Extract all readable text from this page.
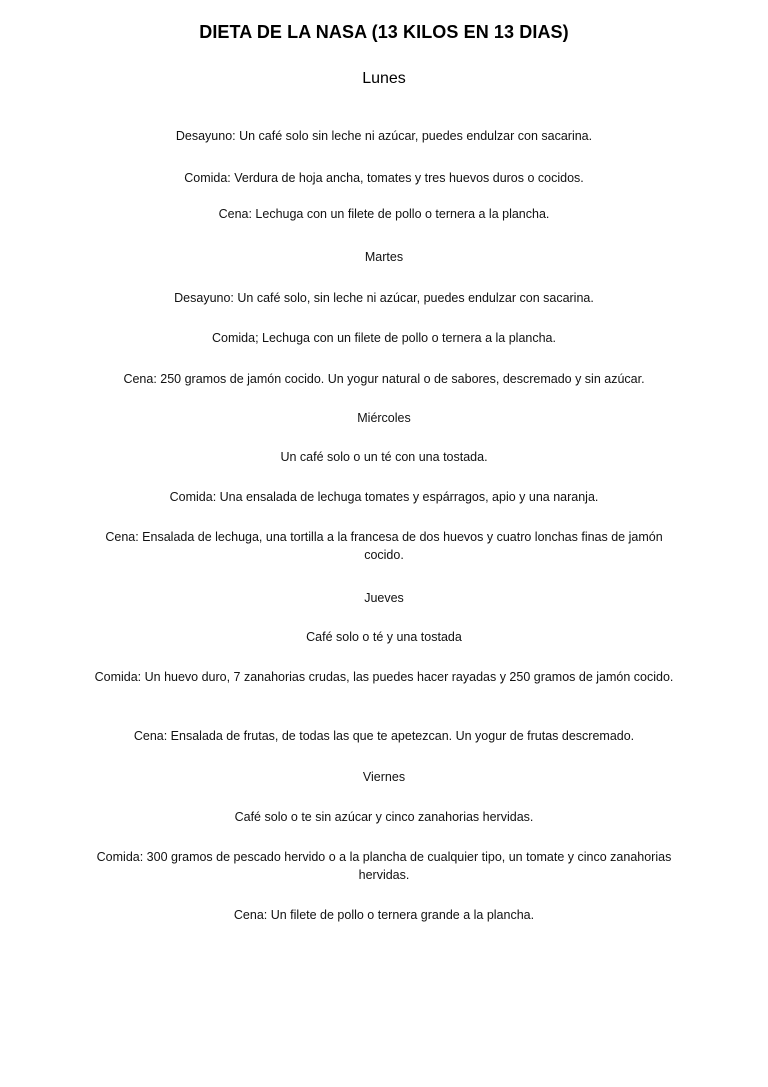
DIETA DE LA NASA (13 KILOS EN 13 DIAS)
Lunes
Desayuno: Un café solo sin leche ni azúcar, puedes endulzar con sacarina.
Comida: Verdura de hoja ancha, tomates y tres huevos duros o cocidos.
Cena: Lechuga con un filete de pollo o ternera a la plancha.
Martes
Desayuno: Un café solo, sin leche ni azúcar, puedes endulzar con sacarina.
Comida; Lechuga con un filete de pollo o ternera a la plancha.
Cena: 250 gramos de jamón cocido. Un yogur natural o de sabores, descremado y sin azúcar.
Miércoles
Un café solo o un té con una tostada.
Comida: Una ensalada de lechuga tomates y espárragos, apio y una naranja.
Cena: Ensalada de lechuga, una tortilla a la francesa de dos huevos y cuatro lonchas finas de jamón cocido.
Jueves
Café solo o té y una tostada
Comida: Un huevo duro, 7 zanahorias crudas, las puedes hacer rayadas y 250 gramos de jamón cocido.
Cena: Ensalada de frutas, de todas las que te apetezcan. Un yogur de frutas descremado.
Viernes
Café solo o te sin azúcar y cinco zanahorias hervidas.
Comida: 300 gramos de pescado hervido o a la plancha de cualquier tipo, un tomate y cinco zanahorias hervidas.
Cena: Un filete de pollo o ternera grande a la plancha.
